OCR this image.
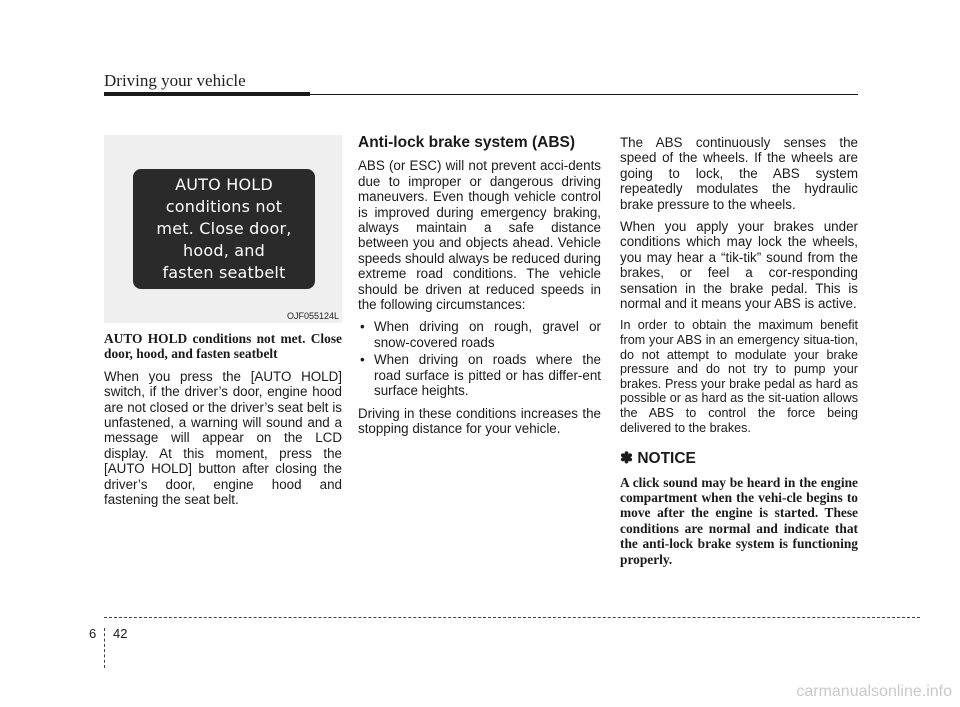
Driving your vehicle
AUTO HOLD
conditions not
met. Close door,
hood, and
fasten seatbelt
OJF055124L

AUTO HOLD conditions not met. Close door, hood, and fasten seatbelt

When you press the [AUTO HOLD] switch, if the driver’s door, engine hood are not closed or the driver’s seat belt is unfastened, a warning will sound and a message will appear on the LCD display. At this moment, press the [AUTO HOLD] button after closing the driver’s door, engine hood and fastening the seat belt.

Anti-lock brake system (ABS)

ABS (or ESC) will not prevent acci-dents due to improper or dangerous driving maneuvers. Even though vehicle control is improved during emergency braking, always maintain a safe distance between you and objects ahead. Vehicle speeds should always be reduced during extreme road conditions. The vehicle should be driven at reduced speeds in the following circumstances:

• When driving on rough, gravel or snow-covered roads
• When driving on roads where the road surface is pitted or has differ-ent surface heights.

Driving in these conditions increases the stopping distance for your vehicle.

The ABS continuously senses the speed of the wheels. If the wheels are going to lock, the ABS system repeatedly modulates the hydraulic brake pressure to the wheels.

When you apply your brakes under conditions which may lock the wheels, you may hear a “tik-tik” sound from the brakes, or feel a cor-responding sensation in the brake pedal. This is normal and it means your ABS is active.

In order to obtain the maximum benefit from your ABS in an emergency situa-tion, do not attempt to modulate your brake pressure and do not try to pump your brakes. Press your brake pedal as hard as possible or as hard as the sit-uation allows the ABS to control the force being delivered to the brakes.

✽ NOTICE

A click sound may be heard in the engine compartment when the vehi-cle begins to move after the engine is started. These conditions are normal and indicate that the anti-lock brake system is functioning properly.

6 42
carmanualsonline.info
